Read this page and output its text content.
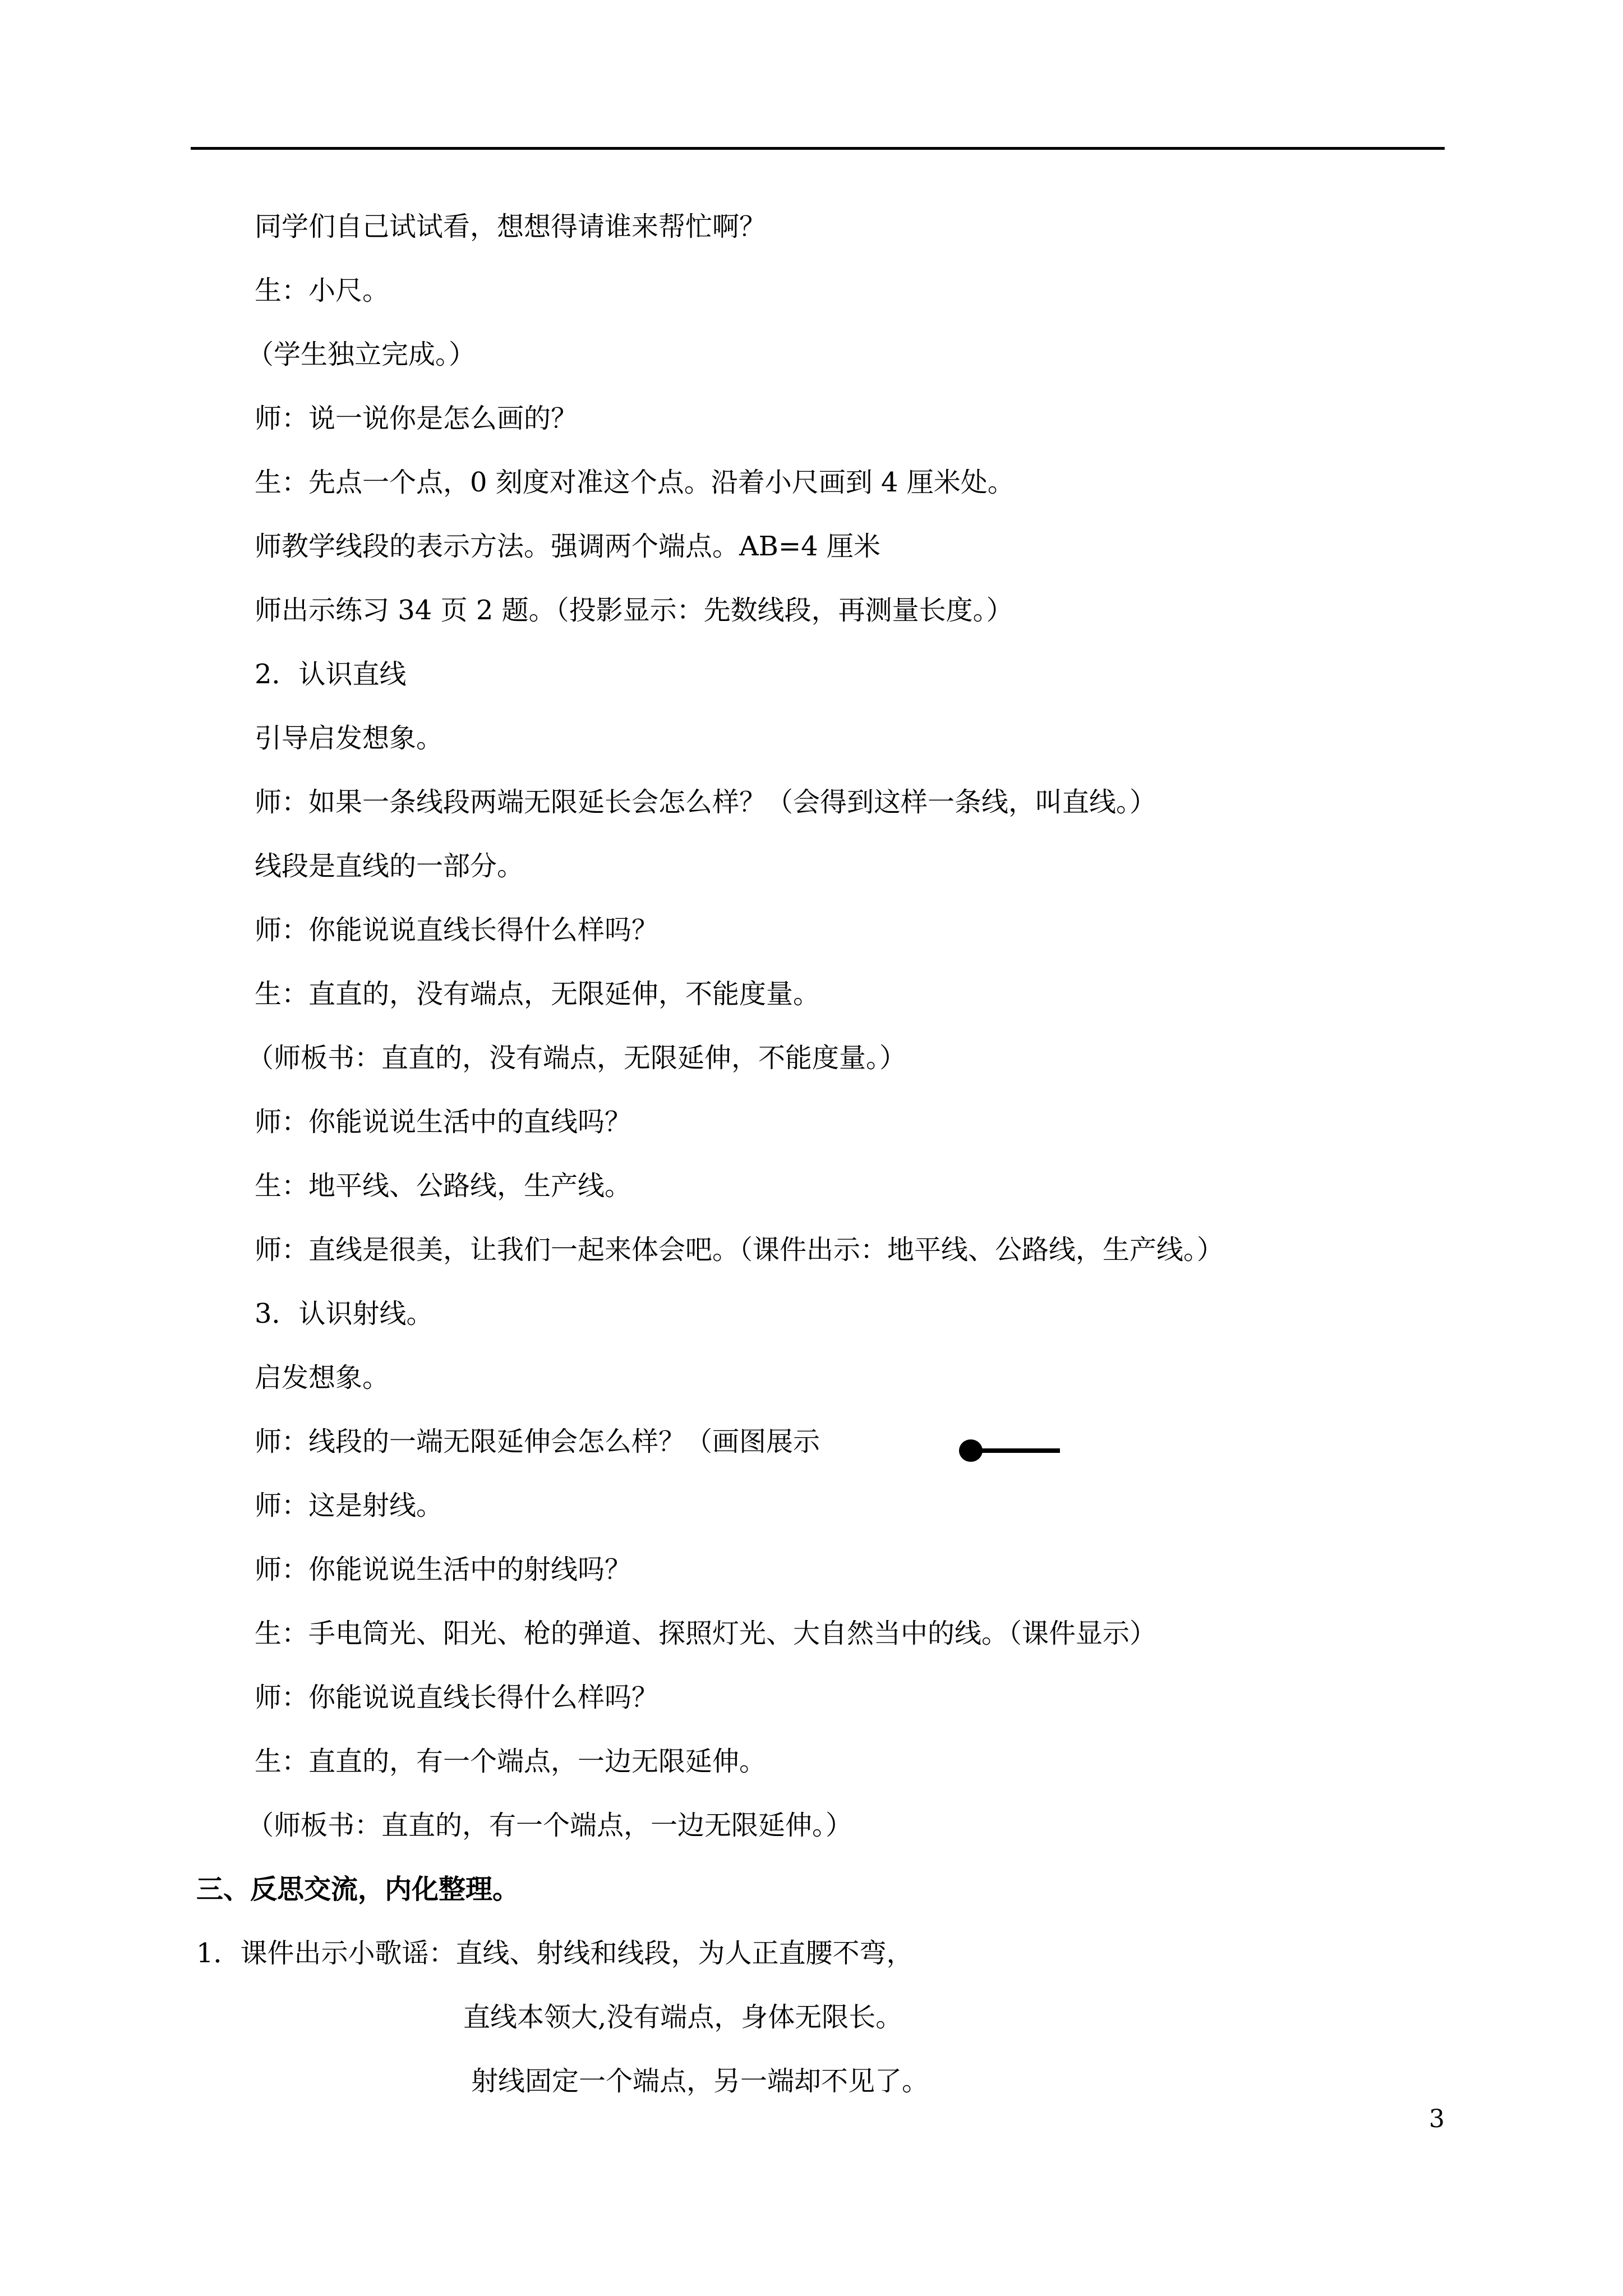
同学们自己试试看，想想得请谁来帮忙啊？
生：小尺。
（学生独立完成。）
师：说一说你是怎么画的？
生：先点一个点，0 刻度对准这个点。沿着小尺画到 4 厘米处。
师教学线段的表示方法。强调两个端点。AB=4 厘米
师出示练习 34 页 2 题。（投影显示：先数线段，再测量长度。）
2．认识直线
引导启发想象。
师：如果一条线段两端无限延长会怎么样？（会得到这样一条线，叫直线。）
线段是直线的一部分。
师：你能说说直线长得什么样吗？
生：直直的，没有端点，无限延伸，不能度量。
（师板书：直直的，没有端点，无限延伸，不能度量。）
师：你能说说生活中的直线吗？
生：地平线、公路线，生产线。
师：直线是很美，让我们一起来体会吧。（课件出示：地平线、公路线，生产线。）
3．认识射线。
启发想象。
师：线段的一端无限延伸会怎么样？（画图展示
师：这是射线。
师：你能说说生活中的射线吗？
生：手电筒光、阳光、枪的弹道、探照灯光、大自然当中的线。（课件显示）
师：你能说说直线长得什么样吗？
生：直直的，有一个端点，一边无限延伸。
（师板书：直直的，有一个端点，一边无限延伸。）
三、反思交流，内化整理。
1．课件出示小歌谣：直线、射线和线段，为人正直腰不弯，
直线本领大,没有端点，身体无限长。
射线固定一个端点，另一端却不见了。
3
